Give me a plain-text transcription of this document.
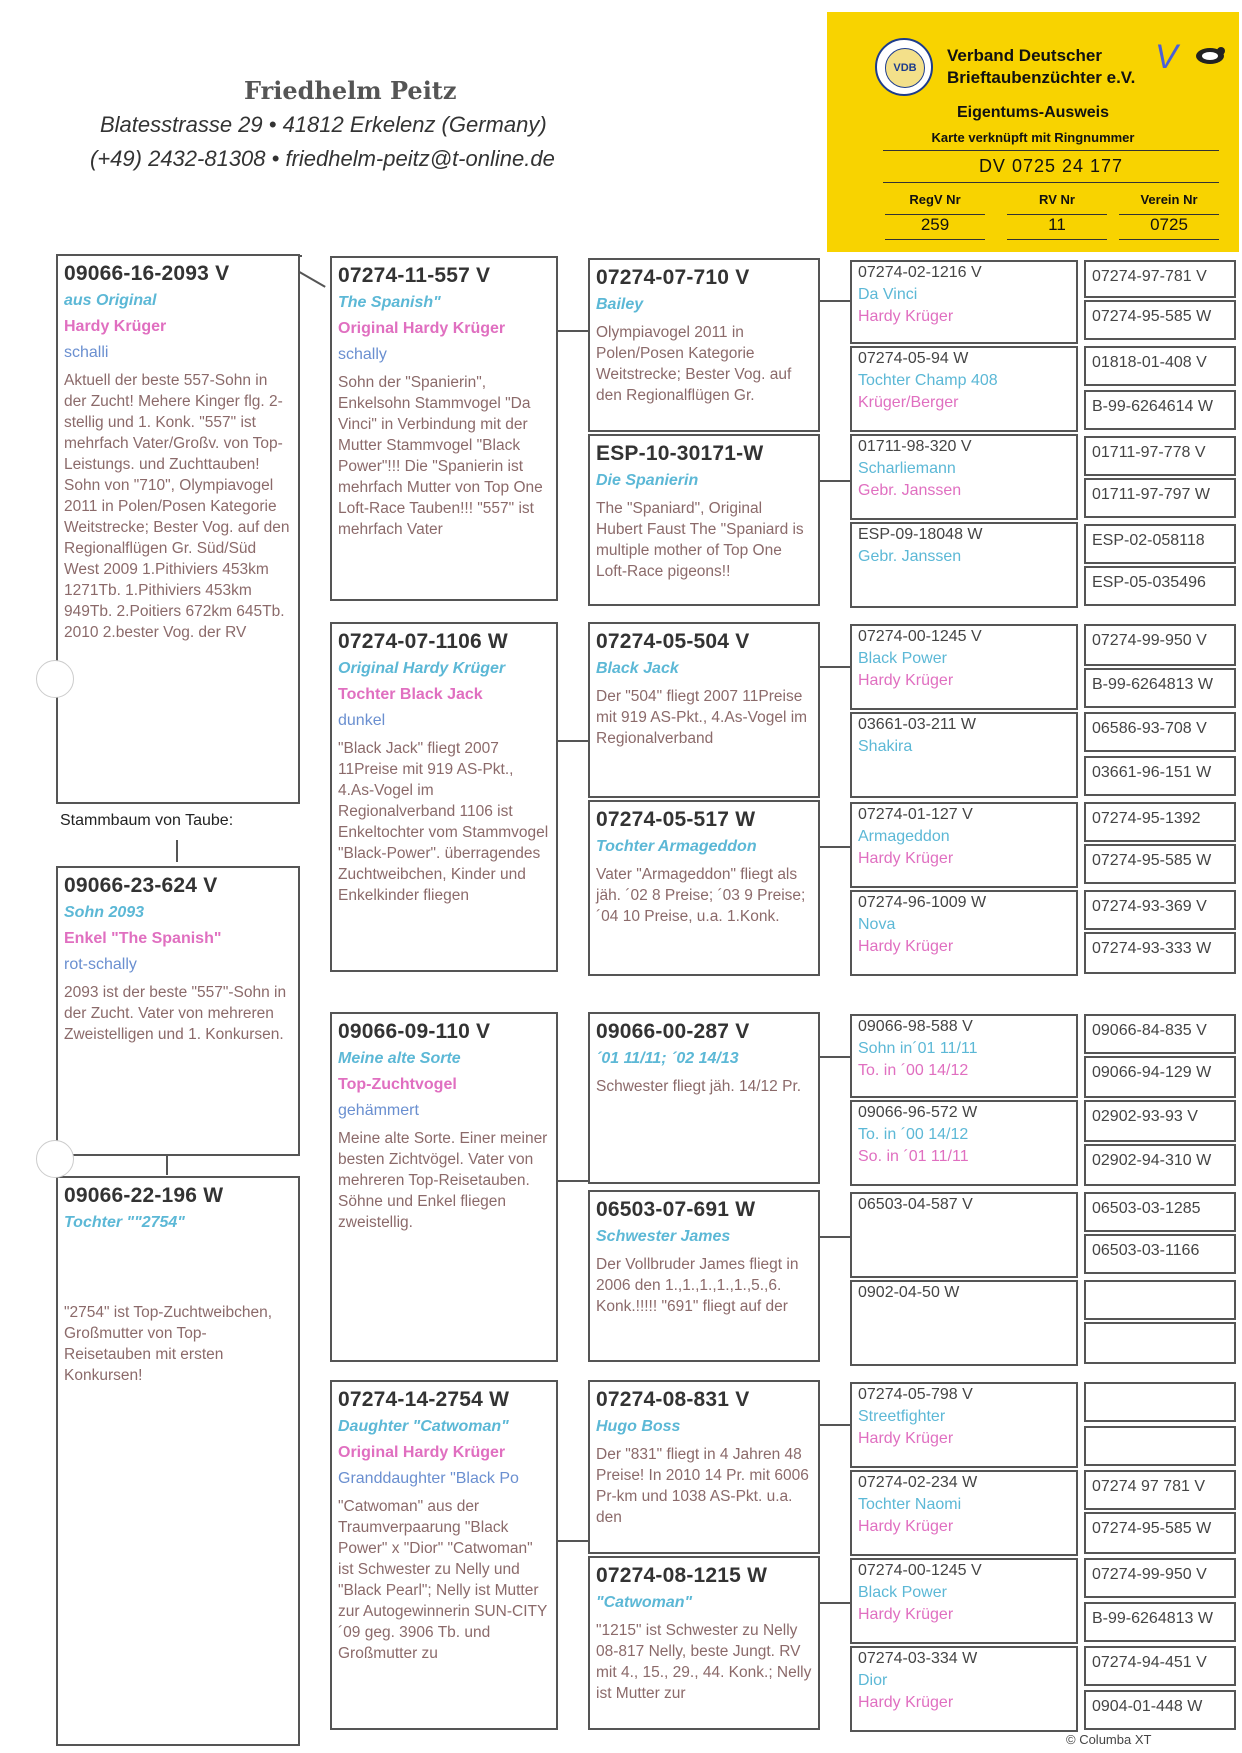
Friedhelm Peitz
Blatesstrasse 29 • 41812 Erkelenz (Germany)
(+49) 2432-81308 • friedhelm-peitz@t-online.de
VDB
Verband Deutscher
Brieftaubenzüchter e.V.
V
Eigentums-Ausweis
Karte verknüpft mit Ringnummer
DV 0725 24 177
RegV Nr	RV Nr	Verein Nr
259	11	0725
09066-16-2093 V
aus Original
Hardy Krüger
schalli
Aktuell der beste 557-Sohn in der Zucht! Mehere Kinger flg. 2-stellig und 1. Konk. "557" ist mehrfach Vater/Großv. von Top-Leistungs. und Zuchttauben! Sohn von "710", Olympiavogel 2011 in Polen/Posen Kategorie Weitstrecke; Bester Vog. auf den Regionalflügen Gr. Süd/Süd West 2009 1.Pithiviers 453km 1271Tb. 1.Pithiviers 453km 949Tb. 2.Poitiers 672km 645Tb. 2010 2.bester Vog. der RV
Stammbaum von Taube:
09066-23-624 V
Sohn 2093
Enkel "The Spanish"
rot-schally
2093 ist der beste "557"-Sohn in der Zucht. Vater von mehreren Zweistelligen und 1. Konkursen.
09066-22-196 W
Tochter ""2754"
"2754" ist Top-Zuchtweibchen, Großmutter von Top-Reisetauben mit ersten Konkursen!
07274-11-557 V
The Spanish"
Original Hardy Krüger
schally
Sohn der "Spanierin", Enkelsohn Stammvogel "Da Vinci" in Verbindung mit der Mutter Stammvogel "Black Power"!!! Die "Spanierin ist mehrfach Mutter von Top One Loft-Race Tauben!!! "557" ist mehrfach Vater
07274-07-1106 W
Original Hardy Krüger
Tochter Black Jack
dunkel
"Black Jack" fliegt 2007 11Preise mit 919 AS-Pkt., 4.As-Vogel im Regionalverband 1106 ist Enkeltochter vom Stammvogel "Black-Power". überragendes Zuchtweibchen, Kinder und Enkelkinder fliegen
09066-09-110 V
Meine alte Sorte
Top-Zuchtvogel
gehämmert
Meine alte Sorte. Einer meiner besten Zichtvögel. Vater von mehreren Top-Reisetauben. Söhne und Enkel fliegen zweistellig.
07274-14-2754 W
Daughter "Catwoman"
Original Hardy Krüger
Granddaughter "Black Po
"Catwoman" aus der Traumverpaarung "Black Power" x "Dior" "Catwoman" ist Schwester zu Nelly und "Black Pearl"; Nelly ist Mutter zur Autogewinnerin SUN-CITY ´09 geg. 3906 Tb. und Großmutter zu
07274-07-710 V
Bailey
Olympiavogel 2011 in Polen/Posen Kategorie Weitstrecke; Bester Vog. auf den Regionalflügen Gr.
ESP-10-30171-W
Die Spanierin
The "Spaniard", Original Hubert Faust The "Spaniard is multiple mother of Top One Loft-Race pigeons!!
07274-05-504 V
Black Jack
Der "504" fliegt 2007 11Preise mit 919 AS-Pkt., 4.As-Vogel im Regionalverband
07274-05-517 W
Tochter Armageddon
Vater "Armageddon" fliegt als jäh. ´02 8 Preise; ´03 9 Preise; ´04 10 Preise, u.a. 1.Konk.
09066-00-287 V
´01 11/11; ´02 14/13
Schwester fliegt jäh. 14/12 Pr.
06503-07-691 W
Schwester James
Der Vollbruder James fliegt in 2006 den 1.,1.,1.,1.,1.,5.,6. Konk.!!!!! "691" fliegt auf der
07274-08-831 V
Hugo Boss
Der "831" fliegt in 4 Jahren 48 Preise! In 2010 14 Pr. mit 6006 Pr-km und 1038 AS-Pkt. u.a. den
07274-08-1215 W
"Catwoman"
"1215" ist Schwester zu Nelly 08-817 Nelly, beste Jungt. RV mit 4., 15., 29., 44. Konk.; Nelly ist Mutter zur
07274-02-1216 V
Da Vinci
Hardy Krüger
07274-05-94 W
Tochter Champ 408
Krüger/Berger
01711-98-320 V
Scharliemann
Gebr. Janssen
ESP-09-18048 W
Gebr. Janssen
07274-00-1245 V
Black Power
Hardy Krüger
03661-03-211 W
Shakira
07274-01-127 V
Armageddon
Hardy Krüger
07274-96-1009 W
Nova
Hardy Krüger
09066-98-588 V
Sohn in´01 11/11
To. in ´00 14/12
09066-96-572 W
To. in ´00 14/12
So. in ´01 11/11
06503-04-587 V
0902-04-50 W
07274-05-798 V
Streetfighter
Hardy Krüger
07274-02-234 W
Tochter Naomi
Hardy Krüger
07274-00-1245 V
Black Power
Hardy Krüger
07274-03-334 W
Dior
Hardy Krüger
07274-97-781 V
07274-95-585 W
01818-01-408 V
B-99-6264614 W
01711-97-778 V
01711-97-797 W
ESP-02-058118
ESP-05-035496
07274-99-950 V
B-99-6264813 W
06586-93-708 V
03661-96-151 W
07274-95-1392
07274-95-585 W
07274-93-369 V
07274-93-333 W
09066-84-835 V
09066-94-129 W
02902-93-93 V
02902-94-310 W
06503-03-1285
06503-03-1166
07274 97 781 V
07274-95-585 W
07274-99-950 V
B-99-6264813 W
07274-94-451 V
0904-01-448 W
© Columba XT
